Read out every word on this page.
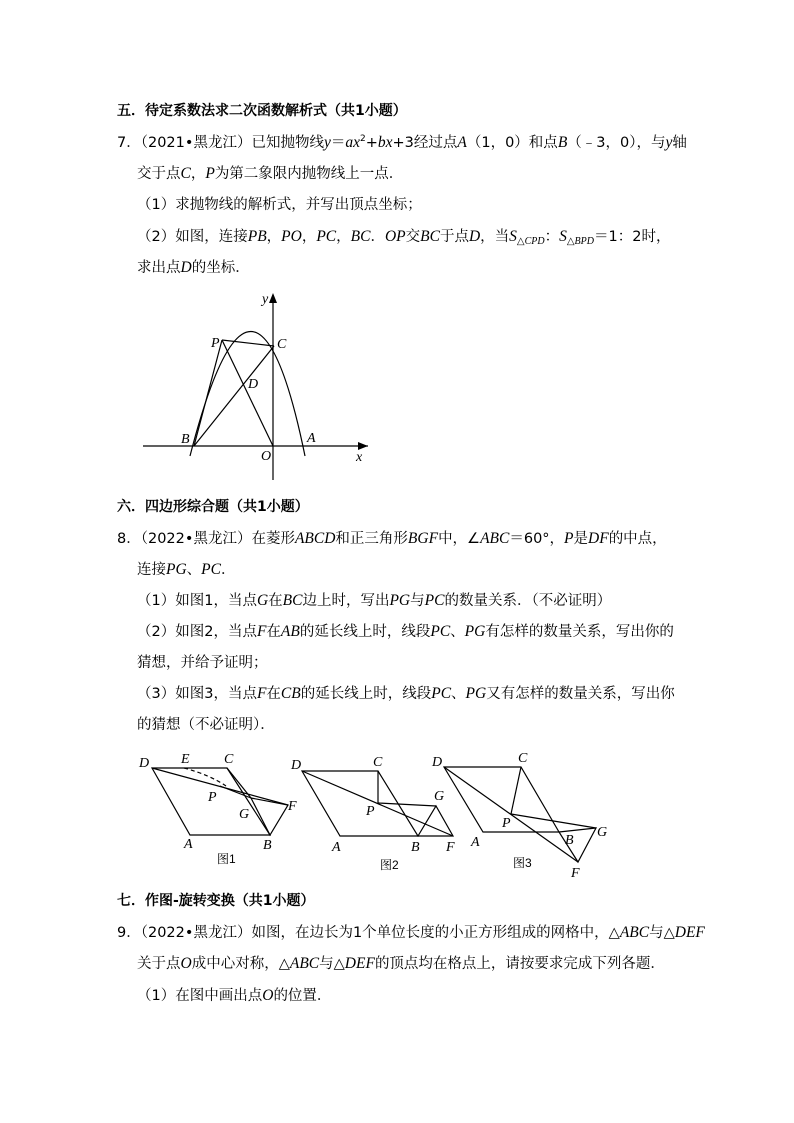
五．待定系数法求二次函数解析式（共1小题）
7．（2021•黑龙江）已知抛物线$y=ax^2+bx+3$经过点A（1，0）和点B（﹣3，0），与y轴
交于点C，P为第二象限内抛物线上一点．
（1）求抛物线的解析式，并写出顶点坐标；
（2）如图，连接PB，PO，PC，BC．OP交BC于点D，当$S_{\triangle CPD}$：$S_{\triangle BPD}=1$：2时，
求出点D的坐标．
y
P	C
D
B	A
O	x
六．四边形综合题（共1小题）
8．（2022•黑龙江）在菱形ABCD和正三角形BGF中，∠ABC＝60°，P是DF的中点，
连接PG、PC．
（1）如图1，当点G在BC边上时，写出PG与PC的数量关系．（不必证明）
（2）如图2，当点F在AB的延长线上时，线段PC、PG有怎样的数量关系，写出你的
猜想，并给予证明；
（3）如图3，当点F在CB的延长线上时，线段PC、PG又有怎样的数量关系，写出你
的猜想（不必证明）．
D E C
P
F
G
A	B
图1
D	C
G
P
A	B F
图2
D	C
P
G
A	B
F
图3
七．作图-旋转变换（共1小题）
9．（2022•黑龙江）如图，在边长为1个单位长度的小正方形组成的网格中，△ABC与△DEF
关于点O成中心对称，△ABC与△DEF的顶点均在格点上，请按要求完成下列各题．
（1）在图中画出点O的位置．
